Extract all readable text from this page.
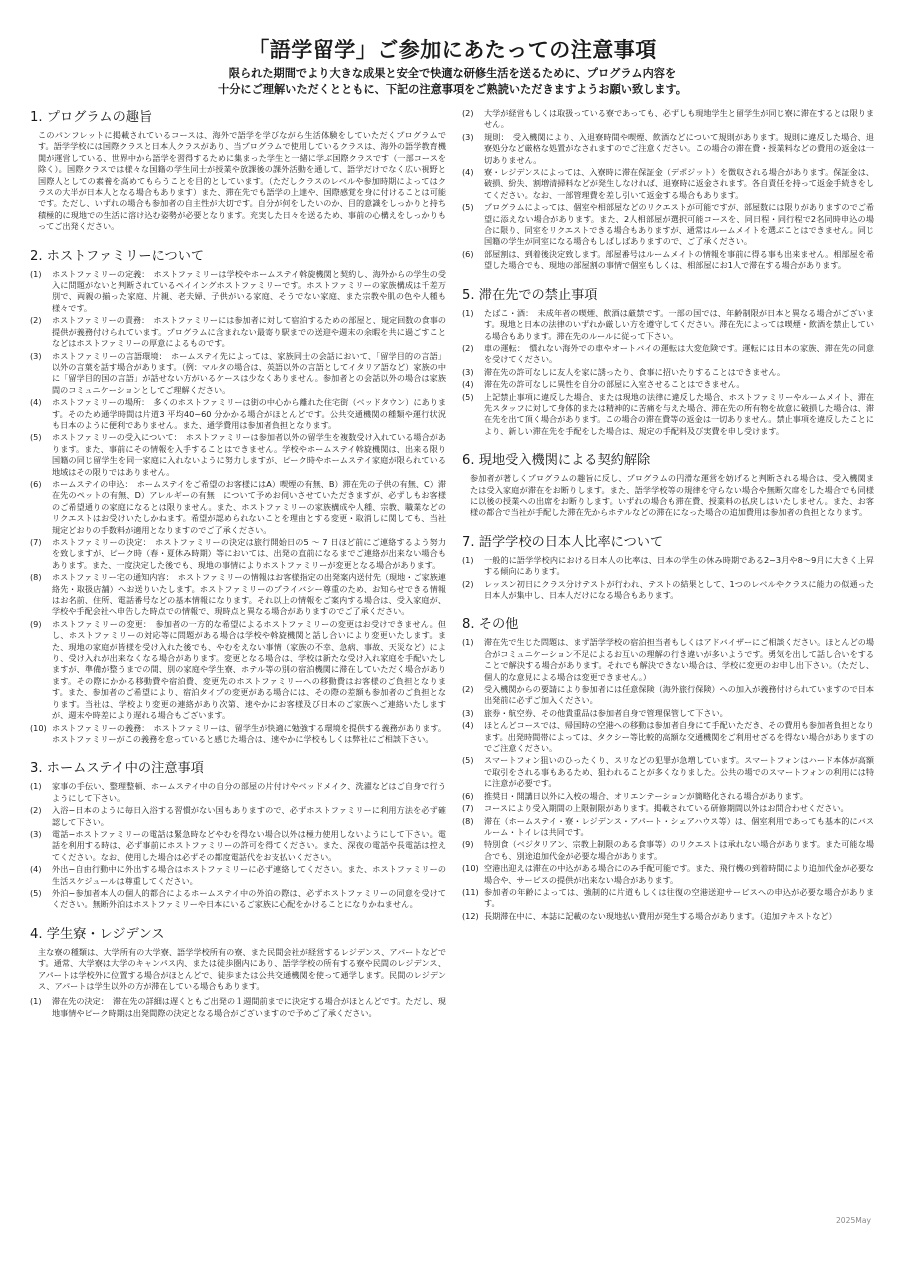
「語学留学」ご参加にあたっての注意事項
限られた期間でより大きな成果と安全で快適な研修生活を送るために、プログラム内容を
十分にご理解いただくとともに、下記の注意事項をご熟読いただきますようお願い致します。
1. プログラムの趣旨

このパンフレットに掲載されているコースは、海外で語学を学びながら生活体験をしていただくプログラムです。語学学校には国際クラスと日本人クラスがあり、当プログラムで使用しているクラスは、海外の語学教育機関が運営している、世界中から語学を習得するために集まった学生と一緒に学ぶ国際クラスです（一部コースを除く）。国際クラスでは様々な国籍の学生同士が授業や放課後の課外活動を通して、語学だけでなく広い視野と国際人としての素養を高めてもらうことを目的としています。（ただしクラスのレベルや参加時期によってはクラスの大半が日本人となる場合もあります）また、滞在先でも語学の上達や、国際感覚を身に付けることは可能です。ただし、いずれの場合も参加者の自主性が大切です。自分が何をしたいのか、目的意識をしっかりと持ち積極的に現地での生活に溶け込む姿勢が必要となります。充実した日々を送るため、事前の心構えをしっかりもってご出発ください。

2. ホストファミリーについて
(1)	ホストファミリーの定義：　ホストファミリーは学校やホームステイ斡旋機関と契約し、海外からの学生の受入に問題がないと判断されているペイイングホストファミリーです。ホストファミリーの家族構成は千差万別で、両親の揃った家庭、片親、老夫婦、子供がいる家庭、そうでない家庭、また宗教や肌の色や人種も様々です。
(2)	ホストファミリーの責務：　ホストファミリーには参加者に対して宿泊するための部屋と、規定回数の食事の提供が義務付けられています。プログラムに含まれない最寄り駅までの送迎や週末の余暇を共に過ごすことなどはホストファミリーの厚意によるものです。
(3)	ホストファミリーの言語環境：　ホームステイ先によっては、家族同士の会話において、「留学目的の言語」以外の言葉を話す場合があります。（例：マルタの場合は、英語以外の言語としてイタリア語など）家族の中に「留学目的国の言語」が話せない方がいるケースは少なくありません。参加者との会話以外の場合は家族間のコミュニケーションとしてご理解ください。
(4)	ホストファミリーの場所：　多くのホストファミリーは街の中心から離れた住宅街（ベッドタウン）にあります。そのため通学時間は片道3 平均40~60 分かかる場合がほとんどです。公共交通機関の種類や運行状況も日本のように便利でありません。また、通学費用は参加者負担となります。
(5)	ホストファミリーの受入について：　ホストファミリーは参加者以外の留学生を複数受け入れている場合があります。また、事前にその情報を入手することはできません。学校やホームステイ斡旋機関は、出来る限り国籍の同じ留学生を同一家庭に入れないように努力しますが、ピーク時やホームステイ家庭が限られている地域はその限りではありません。
(6)	ホームステイの申込：　ホームステイをご希望のお客様にはA）喫煙の有無、B）滞在先の子供の有無、C）滞在先のペットの有無、D）アレルギーの有無　について予めお伺いさせていただきますが、必ずしもお客様のご希望通りの家庭になるとは限りません。また、ホストファミリーの家族構成や人種、宗教、職業などのリクエストはお受けいたしかねます。希望が認められないことを理由とする変更・取消しに関しても、当社規定どおりの手数料が適用となりますのでご了承ください。
(7)	ホストファミリーの決定：　ホストファミリーの決定は旅行開始日の5 ～ 7 日ほど前にご連絡するよう努力を致しますが、ピーク時（春・夏休み時期）等においては、出発の直前になるまでご連絡が出来ない場合もあります。また、一度決定した後でも、現地の事情によりホストファミリーが変更となる場合があります。
(8)	ホストファミリー宅の通知内容：　ホストファミリーの情報はお客様指定の出発案内送付先（現地・ご家族連絡先・取扱店舗）へお送りいたします。ホストファミリーのプライバシー尊重のため、お知らせできる情報はお名前、住所、電話番号などの基本情報になります。それ以上の情報をご案内する場合は、受入家庭が、学校や手配会社へ申告した時点での情報で、現時点と異なる場合がありますのでご了承ください。
(9)	ホストファミリーの変更：　参加者の一方的な希望によるホストファミリーの変更はお受けできません。但し、ホストファミリーの対応等に問題がある場合は学校や斡旋機関と話し合いにより変更いたします。また、現地の家庭が皆様を受け入れた後でも、やむをえない事情（家族の不幸、急病、事故、天災など）により、受け入れが出来なくなる場合があります。変更となる場合は、学校は新たな受け入れ家庭を手配いたしますが、準備が整うまでの間、別の家庭や学生寮、ホテル等の別の宿泊機関に滞在していただく場合があります。その際にかかる移動費や宿泊費、変更先のホストファミリーへの移動費はお客様のご負担となります。また、参加者のご希望により、宿泊タイプの変更がある場合には、その際の差額も参加者のご負担となります。当社は、学校より変更の連絡があり次第、速やかにお客様及び日本のご家族へご連絡いたしますが、週末や時差により遅れる場合もございます。
(10) ホストファミリーの義務：　ホストファミリーは、留学生が快適に勉強する環境を提供する義務があります。ホストファミリーがこの義務を怠っていると感じた場合は、速やかに学校もしくは弊社にご相談下さい。
3. ホームステイ中の注意事項
(1)	家事の手伝い、整理整頓、ホームステイ中の自分の部屋の片付けやベッドメイク、洗濯などはご自身で行うようにして下さい。
(2)	入浴−日本のように毎日入浴する習慣がない国もありますので、必ずホストファミリーに利用方法を必ず確認して下さい。
(3)	電話−ホストファミリーの電話は緊急時などやむを得ない場合以外は極力使用しないようにして下さい。電話を利用する時は、必ず事前にホストファミリーの許可を得てください。また、深夜の電話や長電話は控えてください。なお、使用した場合は必ずその都度電話代をお支払いください。
(4)	外出−自由行動中に外出する場合はホストファミリーに必ず連絡してください。また、ホストファミリーの生活スケジュールは尊重してください。
(5)	外泊−参加者本人の個人的都合によるホームステイ中の外泊の際は、必ずホストファミリーの同意を受けてください。無断外泊はホストファミリーや日本にいるご家族に心配をかけることになりかねません。
4. 学生寮・レジデンス

主な寮の種類は、大学所有の大学寮、語学学校所有の寮、また民間会社が経営するレジデンス、アパートなどです。通常、大学寮は大学のキャンパス内、または徒歩圏内にあり、語学学校の所有する寮や民間のレジデンス、アパートは学校外に位置する場合がほとんどで、徒歩または公共交通機関を使って通学します。民間のレジデンス、アパートは学生以外の方が滞在している場合もあります。

(1)	滞在先の決定：　滞在先の詳細は遅くともご出発の１週間前までに決定する場合がほとんどです。ただし、現地事情やピーク時期は出発間際の決定となる場合がございますので予めご了承ください。
(2)	大学が経営もしくは取扱っている寮であっても、必ずしも現地学生と留学生が同じ寮に滞在するとは限りません。
(3)	規則：　受入機関により、入退寮時間や喫煙、飲酒などについて規則があります。規則に違反した場合、退寮処分など厳格な処置がなされますのでご注意ください。この場合の滞在費・授業料などの費用の返金は一切ありません。
(4)	寮・レジデンスによっては、入寮時に滞在保証金（デポジット）を徴収される場合があります。保証金は、破損、紛失、割増清掃料などが発生しなければ、退寮時に返金されます。各自責任を持って返金手続きをしてください。なお、一部管理費を差し引いて返金する場合もあります。
(5)	プログラムによっては、個室や相部屋などのリクエストが可能ですが、部屋数には限りがありますのでご希望に添えない場合があります。また、2人相部屋が選択可能コースを、同日程・同行程で2名同時申込の場合に限り、同室をリクエストできる場合もありますが、通常はルームメイトを選ぶことはできません。同じ国籍の学生が同室になる場合もしばしばありますので、ご了承ください。
(6)	部屋割は、到着後決定致します。部屋番号はルームメイトの情報を事前に得る事も出来ません。相部屋を希望した場合でも、現地の部屋割の事情で個室もしくは、相部屋にお1人で滞在する場合があります。
5. 滞在先での禁止事項
(1)	たばこ・酒：　未成年者の喫煙、飲酒は厳禁です。一部の国では、年齢制限が日本と異なる場合がございます。現地と日本の法律のいずれか厳しい方を遵守してください。滞在先によっては喫煙・飲酒を禁止している場合もあります。滞在先のルールに従って下さい。
(2)	車の運転：　慣れない海外での車やオートバイの運転は大変危険です。運転には日本の家族、滞在先の同意を受けてください。
(3)	滞在先の許可なしに友人を家に誘ったり、食事に招いたりすることはできません。
(4)	滞在先の許可なしに異性を自分の部屋に入室させることはできません。
(5)	上記禁止事項に違反した場合、または現地の法律に違反した場合、ホストファミリーやルームメイト、滞在先スタッフに対して身体的または精神的に苦痛を与えた場合、滞在先の所有物を故意に破損した場合は、滞在先を出て頂く場合があります。この場合の滞在費等の返金は一切ありません。禁止事項を違反したことにより、新しい滞在先を手配をした場合は、規定の手配料及び実費を申し受けます。
6. 現地受入機関による契約解除

参加者が著しくプログラムの趣旨に反し、プログラムの円滑な運営を妨げると判断される場合は、受入機関または受入家庭が滞在をお断りします。また、語学学校等の規律を守らない場合や無断欠席をした場合でも同様に以後の授業への出席をお断りします。いずれの場合も滞在費、授業料の払戻しはいたしません。また、お客様の都合で当社が手配した滞在先からホテルなどの滞在になった場合の追加費用は参加者の負担となります。

7. 語学学校の日本人比率について
(1)	一般的に語学学校内における日本人の比率は、日本の学生の休み時期である2~3月や8～9月に大きく上昇する傾向にあります。
(2)	レッスン初日にクラス分けテストが行われ、テストの結果として、1つのレベルやクラスに能力の似通った日本人が集中し、日本人だけになる場合もあります。
8. その他
(1)	滞在先で生じた問題は、まず語学学校の宿泊担当者もしくはアドバイザーにご相談ください。ほとんどの場合がコミュニケーション不足によるお互いの理解の行き違いが多いようです。勇気を出して話し合いをすることで解決する場合があります。それでも解決できない場合は、学校に変更のお申し出下さい。（ただし、個人的な意見による場合は変更できません。）
(2)	受入機関からの要請により参加者には任意保険（海外旅行保険）への加入が義務付けられていますので日本出発前に必ずご加入ください。
(3)	旅券・航空券、その他貴重品は参加者自身で管理保管して下さい。
(4)	ほとんどコースでは、帰国時の空港への移動は参加者自身にて手配いただき、その費用も参加者負担となります。出発時間帯によっては、タクシー等比較的高額な交通機関をご利用せざるを得ない場合がありますのでご注意ください。
(5)	スマートフォン狙いのひったくり、スリなどの犯罪が急増しています。スマートフォンはハード本体が高額で取引をされる事もあるため、狙われることが多くなりました。公共の場でのスマートフォンの利用には特に注意が必要です。
(6)	推奨日・開講日以外に入校の場合、オリエンテーションが簡略化される場合があります。
(7)	コースにより受入期間の上限制限があります。掲載されている研修期間以外はお問合わせください。
(8)	滞在（ホームステイ・寮・レジデンス・アパート・シェアハウス等）は、個室利用であっても基本的にバスルーム・トイレは共同です。
(9)	特別食（ベジタリアン、宗教上制限のある食事等）のリクエストは承れない場合があります。また可能な場合でも、別途追加代金が必要な場合があります。
(10) 空港出迎えは滞在の中込がある場合にのみ手配可能です。また、飛行機の到着時間により追加代金が必要な場合や、サービスの提供が出来ない場合があります。
(11) 参加者の年齢によっては、強制的に片道もしくは往復の空港送迎サービスへの申込が必要な場合があります。
(12) 長期滞在中に、本誌に記載のない現地払い費用が発生する場合があります。（追加テキストなど）
2025May
